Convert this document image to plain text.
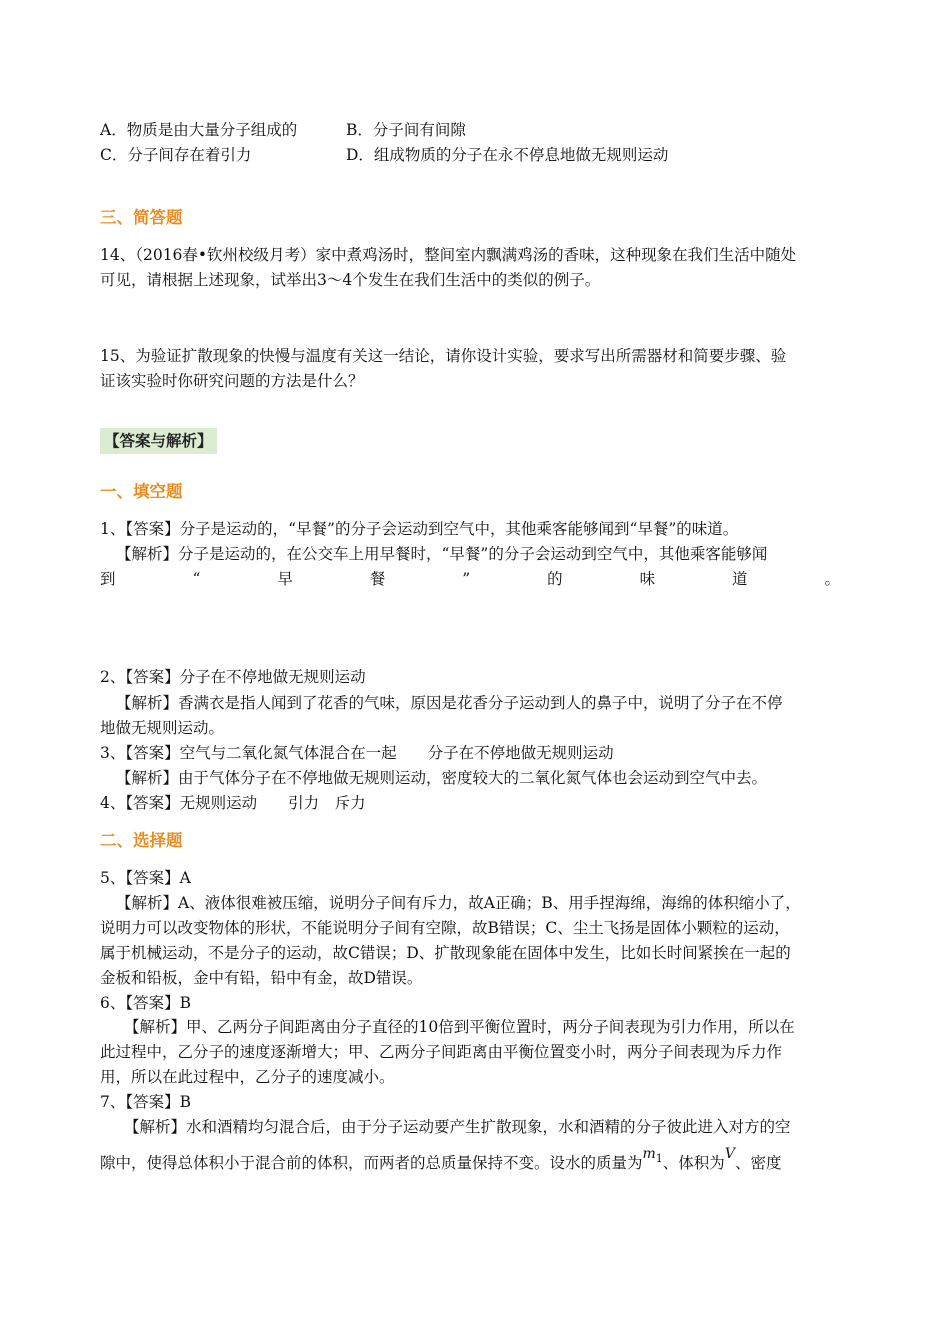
A．物质是由大量分子组成的	B．分子间有间隙
C．分子间存在着引力	D．组成物质的分子在永不停息地做无规则运动
三、简答题
14、（2016春•钦州校级月考）家中煮鸡汤时，整间室内飘满鸡汤的香味，这种现象在我们生活中随处
可见，请根据上述现象，试举出3～4个发生在我们生活中的类似的例子。
15、为验证扩散现象的快慢与温度有关这一结论，请你设计实验，要求写出所需器材和简要步骤、验
证该实验时你研究问题的方法是什么？
【答案与解析】
一、填空题
1、【答案】分子是运动的，“早餐”的分子会运动到空气中，其他乘客能够闻到“早餐”的味道。
【解析】分子是运动的，在公交车上用早餐时，“早餐”的分子会运动到空气中，其他乘客能够闻
到	“	早	餐	”	的	味	道	。
2、【答案】分子在不停地做无规则运动
【解析】香满衣是指人闻到了花香的气味，原因是花香分子运动到人的鼻子中，说明了分子在不停
地做无规则运动。
3、【答案】空气与二氧化氮气体混合在一起　　分子在不停地做无规则运动
【解析】由于气体分子在不停地做无规则运动，密度较大的二氧化氮气体也会运动到空气中去。
4、【答案】无规则运动　　引力　斥力
二、选择题
5、【答案】A
【解析】A、液体很难被压缩，说明分子间有斥力，故A正确；B、用手捏海绵，海绵的体积缩小了，
说明力可以改变物体的形状，不能说明分子间有空隙，故B错误；C、尘土飞扬是固体小颗粒的运动，
属于机械运动，不是分子的运动，故C错误；D、扩散现象能在固体中发生，比如长时间紧挨在一起的
金板和铅板，金中有铅，铅中有金，故D错误。
6、【答案】B
【解析】甲、乙两分子间距离由分子直径的10倍到平衡位置时，两分子间表现为引力作用，所以在
此过程中，乙分子的速度逐渐增大；甲、乙两分子间距离由平衡位置变小时，两分子间表现为斥力作
用，所以在此过程中，乙分子的速度减小。
7、【答案】B
【解析】水和酒精均匀混合后，由于分子运动要产生扩散现象，水和酒精的分子彼此进入对方的空
隙中，使得总体积小于混合前的体积，而两者的总质量保持不变。设水的质量为$m_1$、体积为V、密度
